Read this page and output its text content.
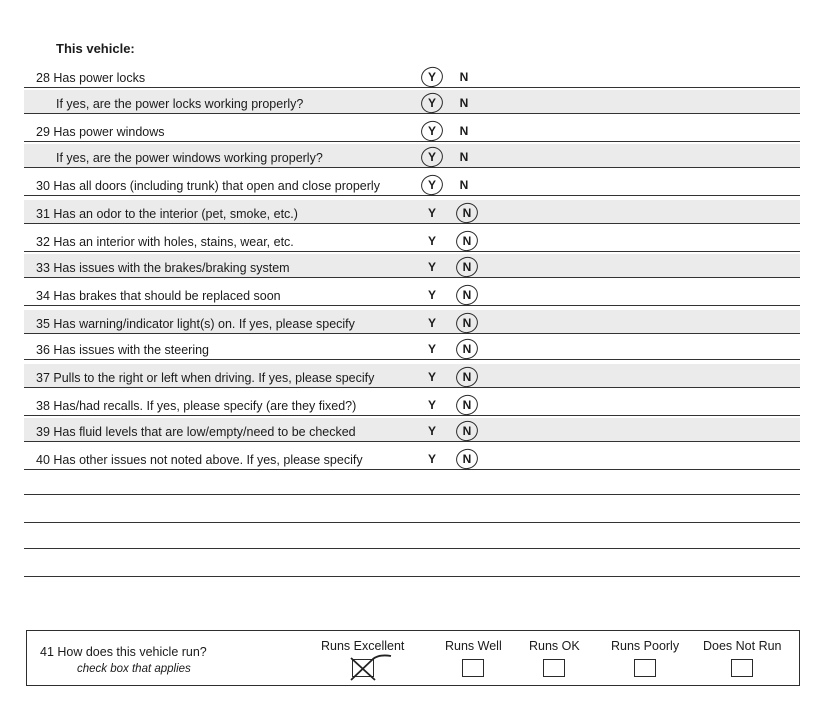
This vehicle:
28 Has power locks	Y N
If yes, are the power locks working properly?	Y N
29 Has power windows	Y N
If yes, are the power windows working properly?	Y N
30 Has all doors (including trunk) that open and close properly	Y N
31 Has an odor to the interior (pet, smoke, etc.)	Y N
32 Has an interior with holes, stains, wear, etc.	Y N
33 Has issues with the brakes/braking system	Y N
34 Has brakes that should be replaced soon	Y N
35 Has warning/indicator light(s) on. If yes, please specify	Y N
36 Has issues with the steering	Y N
37 Pulls to the right or left when driving. If yes, please specify	Y N
38 Has/had recalls. If yes, please specify (are they fixed?)	Y N
39 Has fluid levels that are low/empty/need to be checked	Y N
40 Has other issues not noted above. If yes, please specify	Y N
41 How does this vehicle run?
check box that applies
Runs Excellent	Runs Well Runs OK	Runs Poorly Does Not Run
